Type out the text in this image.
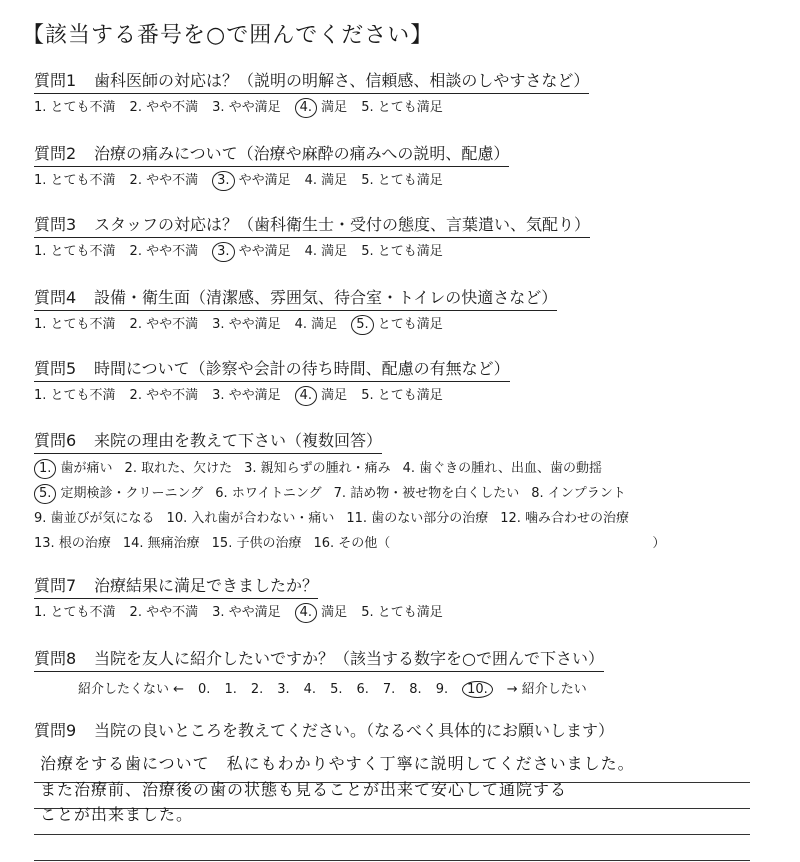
【該当する番号を○で囲んでください】
質問1 歯科医師の対応は？（説明の明解さ、信頼感、相談のしやすさなど）
1. とても不満 2. やや不満 3. やや満足 4. 満足 5. とても満足
質問2 治療の痛みについて（治療や麻酔の痛みへの説明、配慮）
1. とても不満 2. やや不満 3. やや満足 4. 満足 5. とても満足
質問3 スタッフの対応は？（歯科衛生士・受付の態度、言葉遣い、気配り）
1. とても不満 2. やや不満 3. やや満足 4. 満足 5. とても満足
質問4 設備・衛生面（清潔感、雰囲気、待合室・トイレの快適さなど）
1. とても不満 2. やや不満 3. やや満足 4. 満足 5. とても満足
質問5 時間について（診察や会計の待ち時間、配慮の有無など）
1. とても不満 2. やや不満 3. やや満足 4. 満足 5. とても満足
質問6 来院の理由を教えて下さい（複数回答）
1. 歯が痛い 2. 取れた、欠けた 3. 親知らずの腫れ・痛み 4. 歯ぐきの腫れ、出血、歯の動揺
5. 定期検診・クリーニング 6. ホワイトニング 7. 詰め物・被せ物を白くしたい 8. インプラント
9. 歯並びが気になる 10. 入れ歯が合わない・痛い 11. 歯のない部分の治療 12. 噛み合わせの治療
13. 根の治療 14. 無痛治療 15. 子供の治療 16. その他（	）
質問7 治療結果に満足できましたか？
1. とても不満 2. やや不満 3. やや満足 4. 満足 5. とても満足
質問8 当院を友人に紹介したいですか？（該当する数字を○で囲んで下さい）
紹介したくない ← 0. 1. 2. 3. 4. 5. 6. 7. 8. 9. 10. → 紹介したい
質問9 当院の良いところを教えてください。（なるべく具体的にお願いします）
治療をする歯について　私にもわかりやすく丁寧に説明してくださいました。
また治療前、治療後の歯の状態も見ることが出来て安心して通院する
ことが出来ました。
